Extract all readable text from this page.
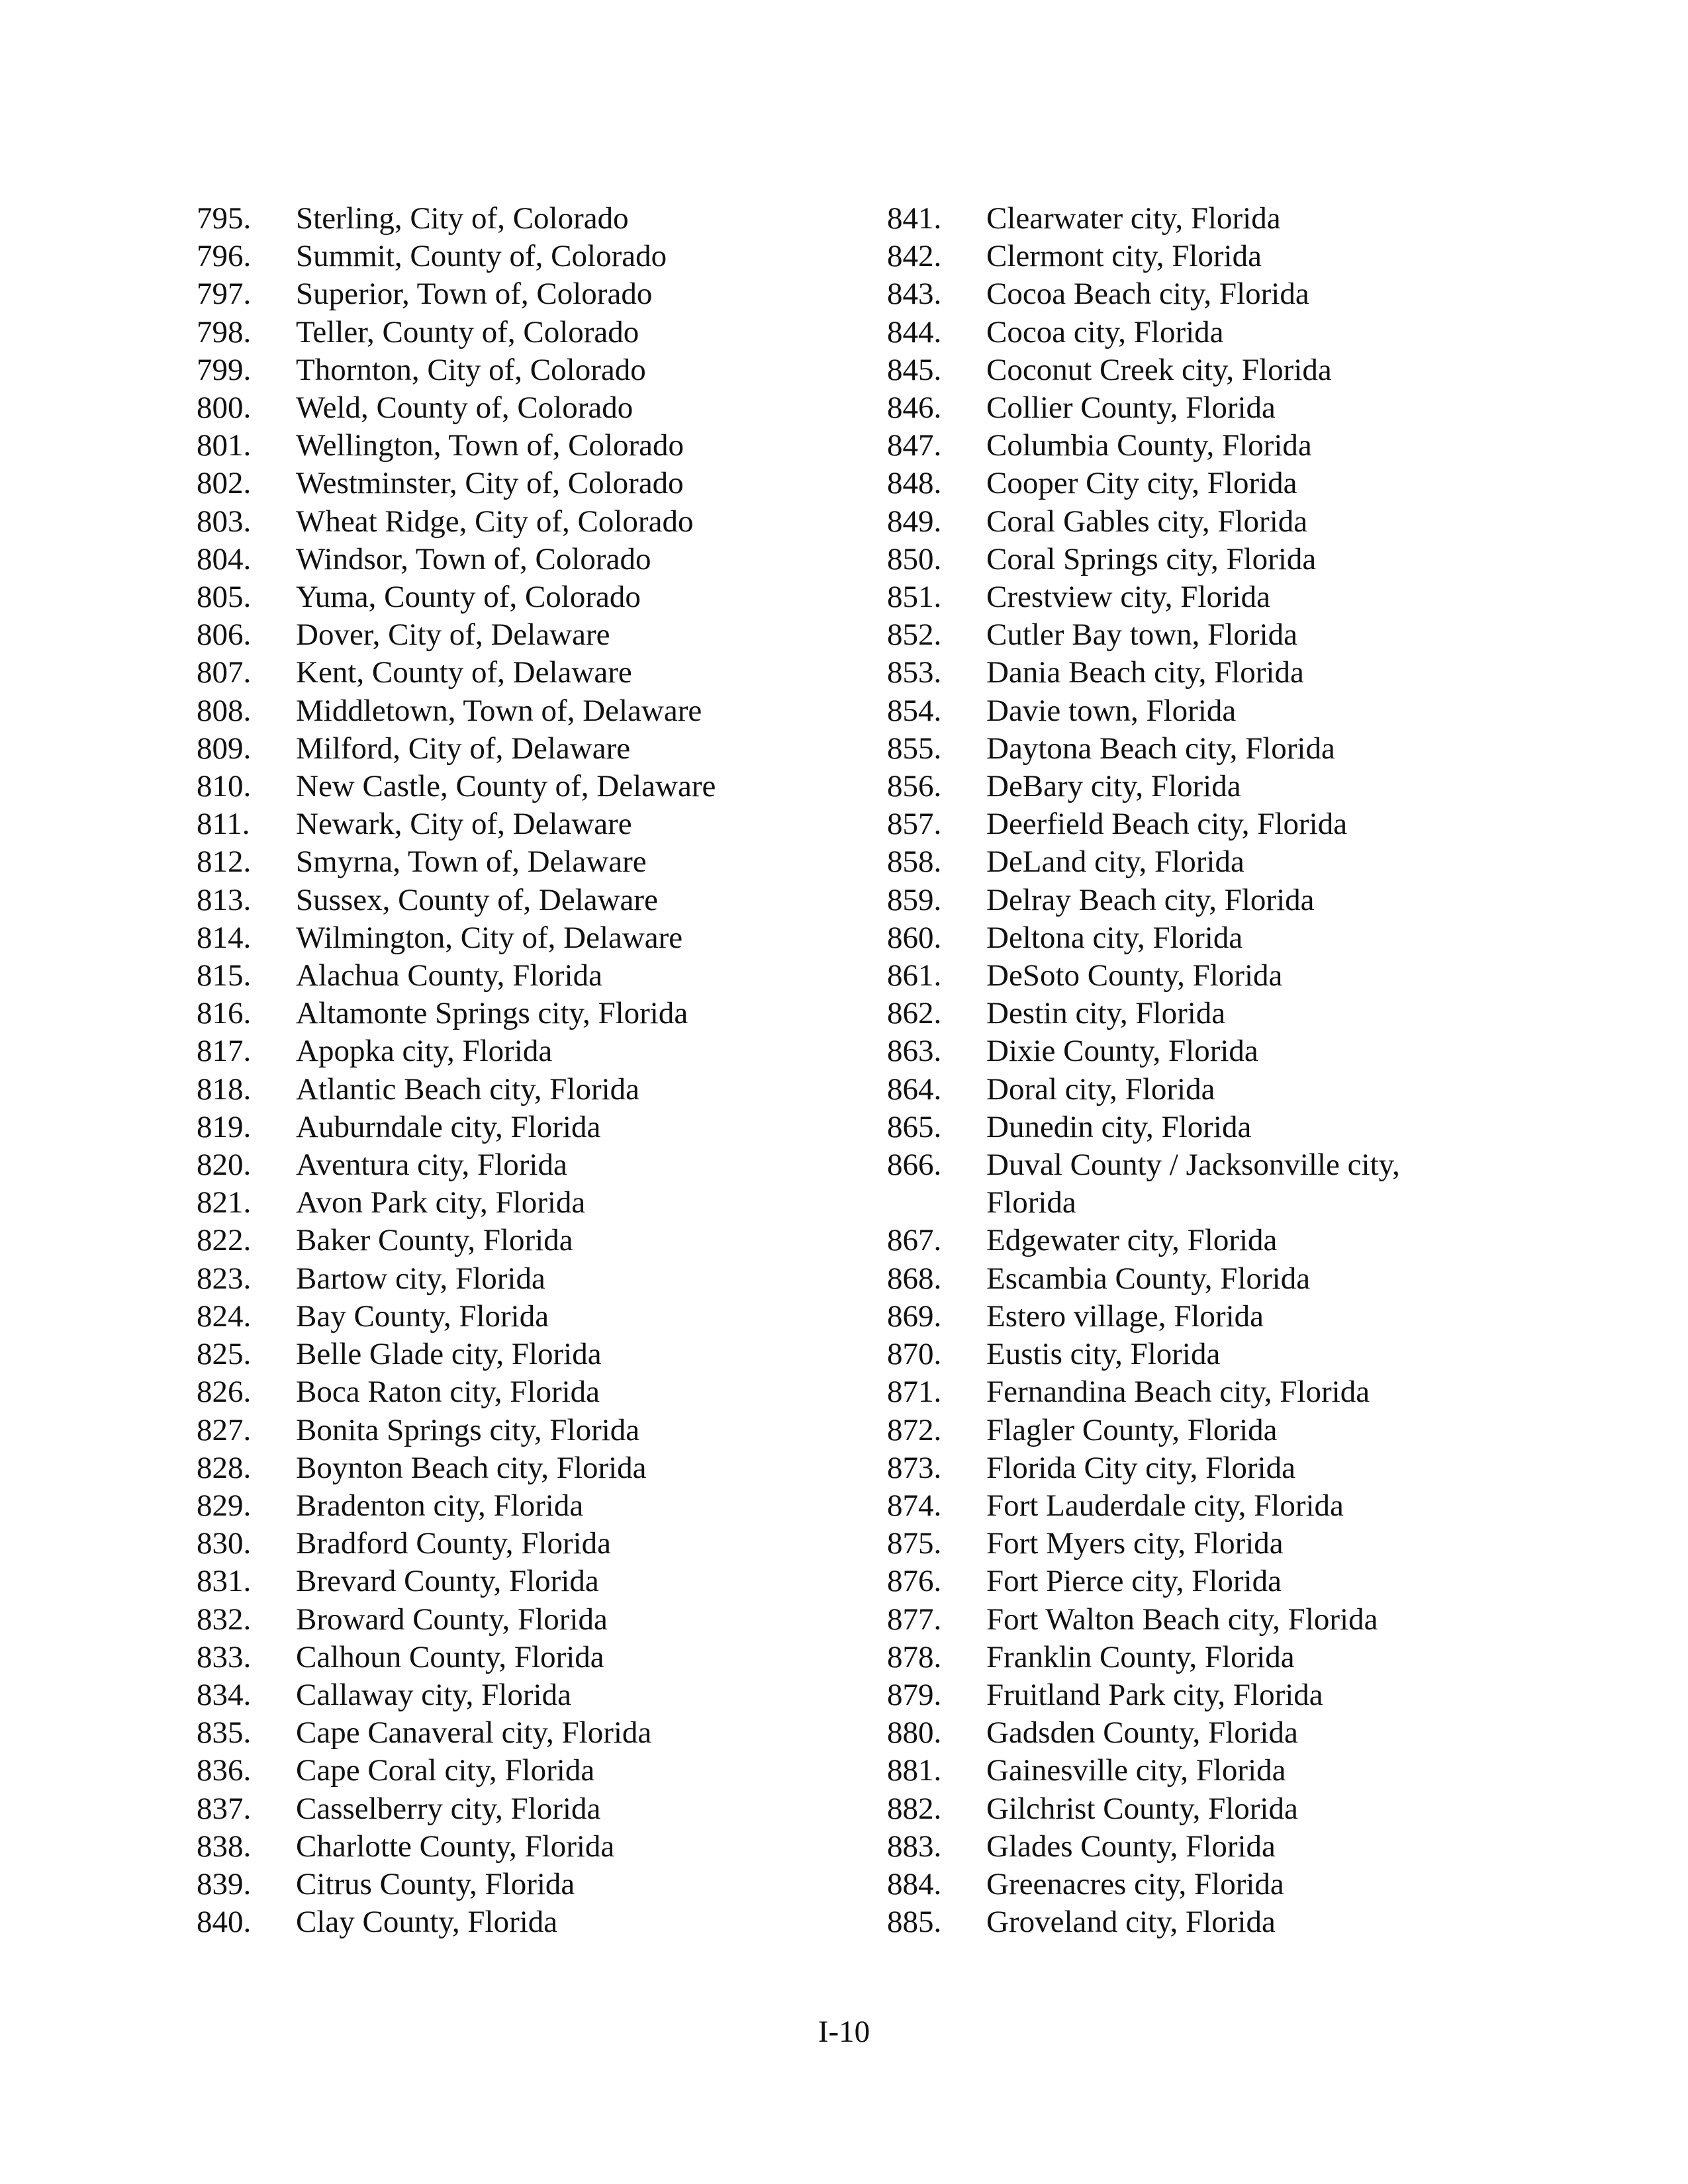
795. Sterling, City of, Colorado
796. Summit, County of, Colorado
797. Superior, Town of, Colorado
798. Teller, County of, Colorado
799. Thornton, City of, Colorado
800. Weld, County of, Colorado
801. Wellington, Town of, Colorado
802. Westminster, City of, Colorado
803. Wheat Ridge, City of, Colorado
804. Windsor, Town of, Colorado
805. Yuma, County of, Colorado
806. Dover, City of, Delaware
807. Kent, County of, Delaware
808. Middletown, Town of, Delaware
809. Milford, City of, Delaware
810. New Castle, County of, Delaware
811. Newark, City of, Delaware
812. Smyrna, Town of, Delaware
813. Sussex, County of, Delaware
814. Wilmington, City of, Delaware
815. Alachua County, Florida
816. Altamonte Springs city, Florida
817. Apopka city, Florida
818. Atlantic Beach city, Florida
819. Auburndale city, Florida
820. Aventura city, Florida
821. Avon Park city, Florida
822. Baker County, Florida
823. Bartow city, Florida
824. Bay County, Florida
825. Belle Glade city, Florida
826. Boca Raton city, Florida
827. Bonita Springs city, Florida
828. Boynton Beach city, Florida
829. Bradenton city, Florida
830. Bradford County, Florida
831. Brevard County, Florida
832. Broward County, Florida
833. Calhoun County, Florida
834. Callaway city, Florida
835. Cape Canaveral city, Florida
836. Cape Coral city, Florida
837. Casselberry city, Florida
838. Charlotte County, Florida
839. Citrus County, Florida
840. Clay County, Florida
841. Clearwater city, Florida
842. Clermont city, Florida
843. Cocoa Beach city, Florida
844. Cocoa city, Florida
845. Coconut Creek city, Florida
846. Collier County, Florida
847. Columbia County, Florida
848. Cooper City city, Florida
849. Coral Gables city, Florida
850. Coral Springs city, Florida
851. Crestview city, Florida
852. Cutler Bay town, Florida
853. Dania Beach city, Florida
854. Davie town, Florida
855. Daytona Beach city, Florida
856. DeBary city, Florida
857. Deerfield Beach city, Florida
858. DeLand city, Florida
859. Delray Beach city, Florida
860. Deltona city, Florida
861. DeSoto County, Florida
862. Destin city, Florida
863. Dixie County, Florida
864. Doral city, Florida
865. Dunedin city, Florida
866. Duval County / Jacksonville city,
Florida
867. Edgewater city, Florida
868. Escambia County, Florida
869. Estero village, Florida
870. Eustis city, Florida
871. Fernandina Beach city, Florida
872. Flagler County, Florida
873. Florida City city, Florida
874. Fort Lauderdale city, Florida
875. Fort Myers city, Florida
876. Fort Pierce city, Florida
877. Fort Walton Beach city, Florida
878. Franklin County, Florida
879. Fruitland Park city, Florida
880. Gadsden County, Florida
881. Gainesville city, Florida
882. Gilchrist County, Florida
883. Glades County, Florida
884. Greenacres city, Florida
885. Groveland city, Florida
I-10
